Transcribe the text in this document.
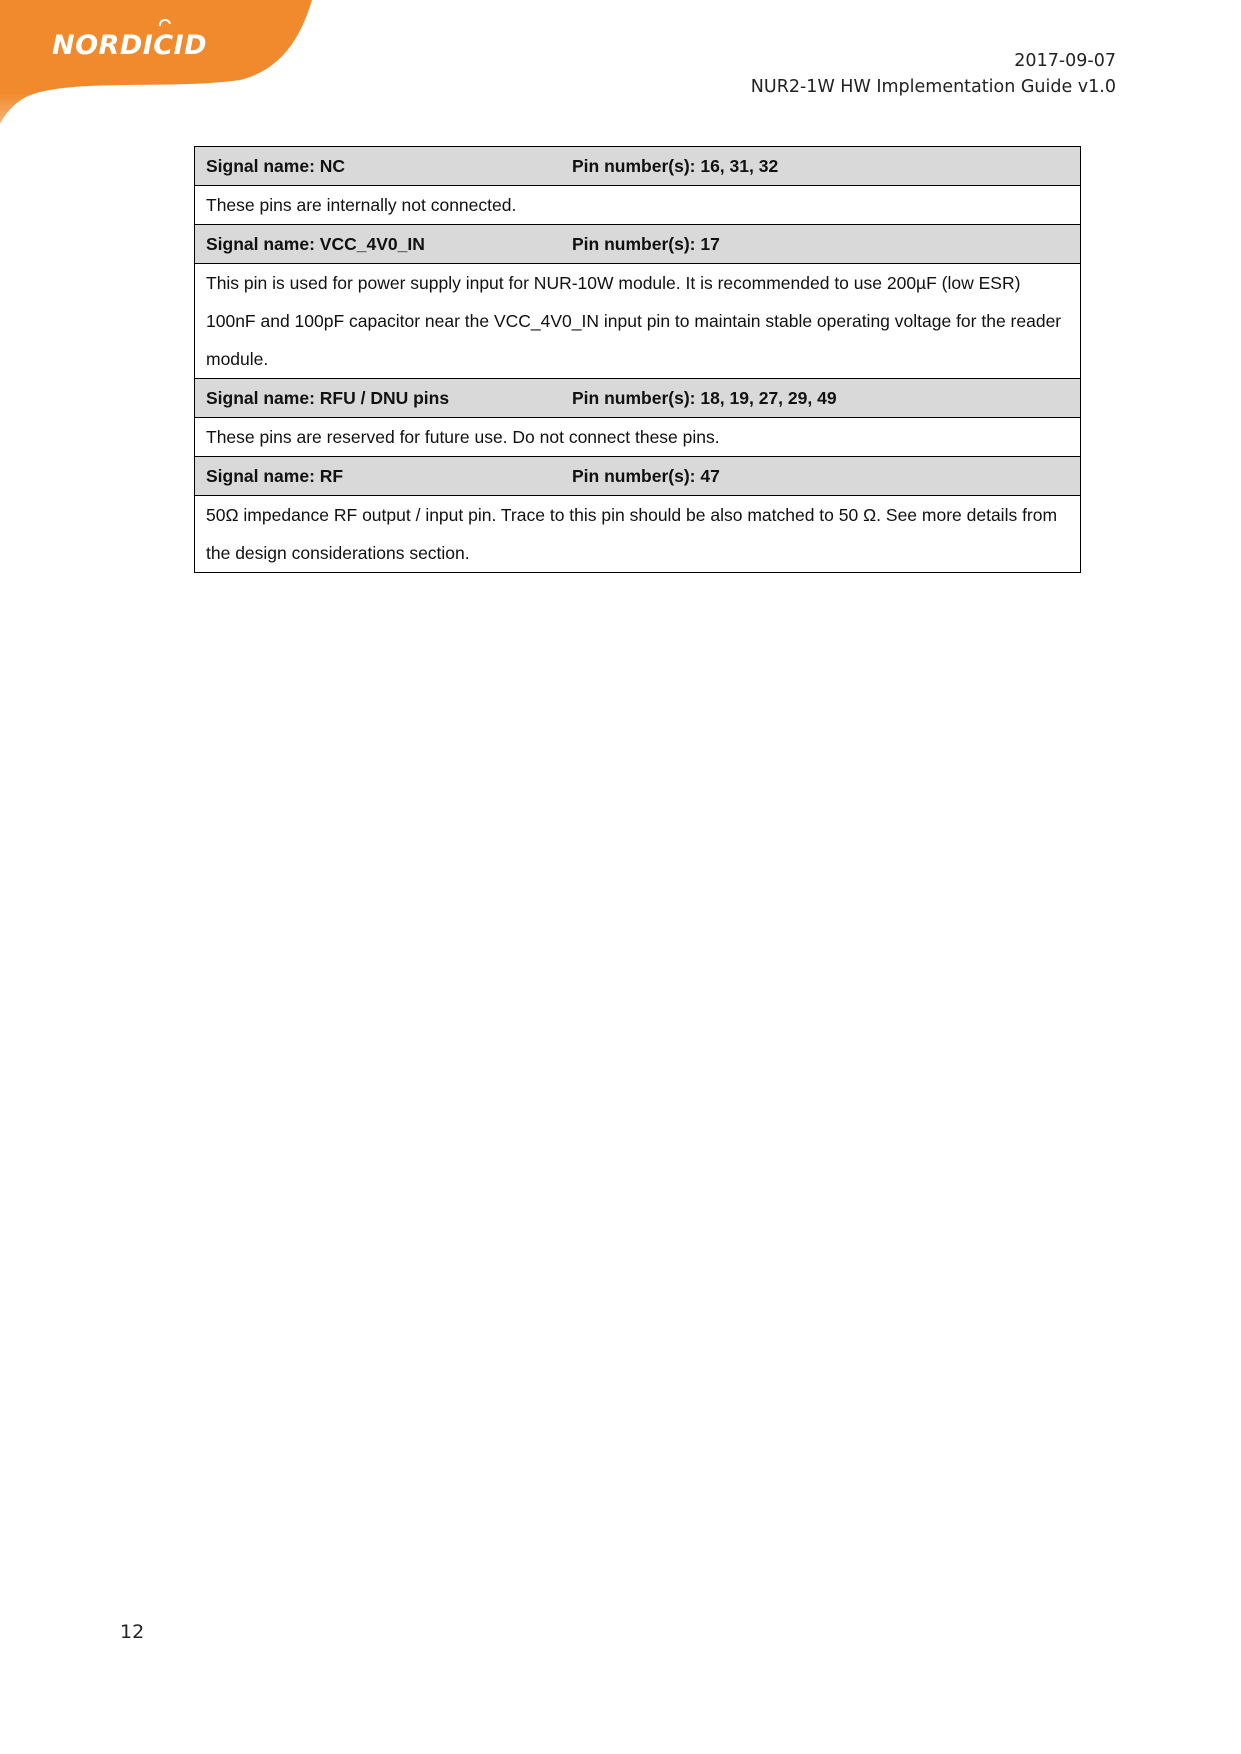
NORDICID	2017-09-07
NUR2-1W HW Implementation Guide v1.0
Signal name: NC	Pin number(s): 16, 31, 32

These pins are internally not connected.

Signal name: VCC_4V0_IN	Pin number(s): 17

This pin is used for power supply input for NUR-10W module. It is recommended to use 200µF (low ESR) 100nF and 100pF capacitor near the VCC_4V0_IN input pin to maintain stable operating voltage for the reader module.

Signal name: RFU / DNU pins	Pin number(s): 18, 19, 27, 29, 49

These pins are reserved for future use. Do not connect these pins.

Signal name: RF	Pin number(s): 47

50Ω impedance RF output / input pin. Trace to this pin should be also matched to 50 Ω. See more details from the design considerations section.
12
